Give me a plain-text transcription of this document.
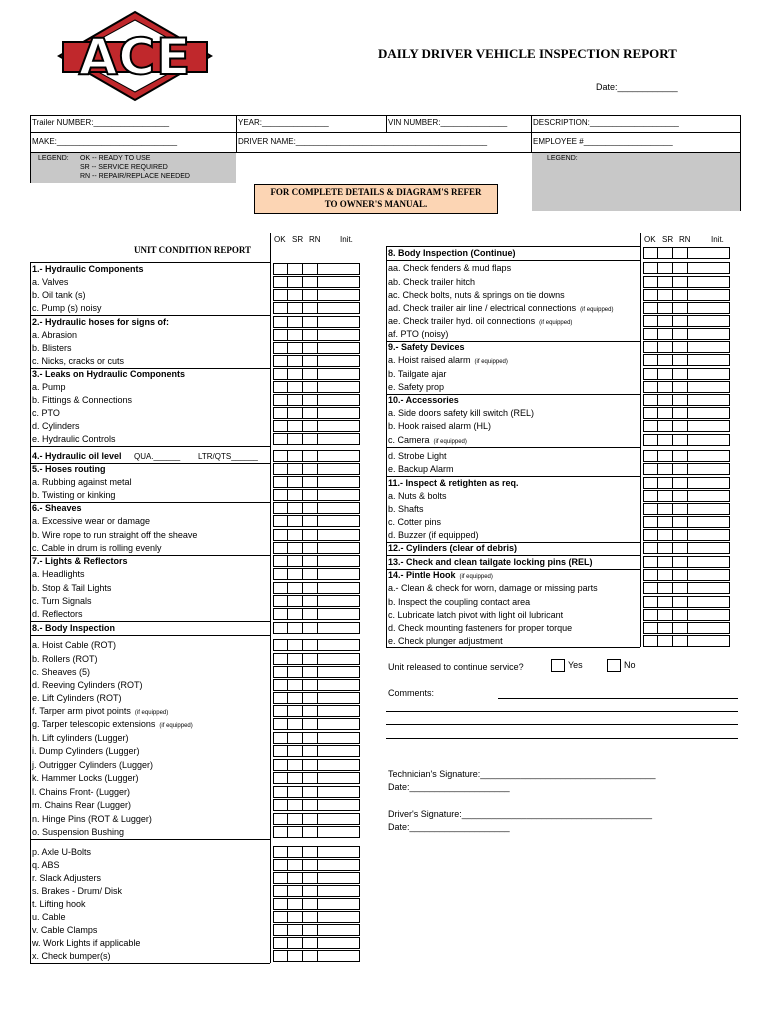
ACE	DAILY DRIVER VEHICLE INSPECTION REPORT
Date:____________
Trailer NUMBER:_________________	YEAR:_______________	VIN NUMBER:_______________	DESCRIPTION:____________________
MAKE:___________________________	DRIVER NAME:___________________________________________	EMPLOYEE #____________________
LEGEND: OK -- READY TO USE
SR -- SERVICE REQUIRED
RN -- REPAIR/REPLACE NEEDED
LEGEND:
FOR COMPLETE DETAILS & DIAGRAM'S REFER
TO OWNER'S MANUAL.
OK SR RN Init.
UNIT CONDITION REPORT
1.- Hydraulic Components
a. Valves
b. Oil tank (s)
c. Pump (s) noisy
2.- Hydraulic hoses for signs of:
a. Abrasion
b. Blisters
c. Nicks, cracks or cuts
3.- Leaks on Hydraulic Components
a. Pump
b. Fittings & Connections
c. PTO
d. Cylinders
e. Hydraulic Controls
4.- Hydraulic oil level QUA.______ LTR/QTS______
5.- Hoses routing
a. Rubbing against metal
b. Twisting or kinking
6.- Sheaves
a. Excessive wear or damage
b. Wire rope to run straight off the sheave
c. Cable in drum is rolling evenly
7.- Lights & Reflectors
a. Headlights
b. Stop & Tail Lights
c. Turn Signals
d. Reflectors
8.- Body Inspection
a. Hoist Cable (ROT)
b. Rollers (ROT)
c. Sheaves (5)
d. Reeving Cylinders (ROT)
e. Lift Cylinders (ROT)
f. Tarper arm pivot points (if equipped)
g. Tarper telescopic extensions (if equipped)
h. Lift cylinders (Lugger)
i. Dump Cylinders (Lugger)
j. Outrigger Cylinders (Lugger)
k. Hammer Locks (Lugger)
l. Chains Front- (Lugger)
m. Chains Rear (Lugger)
n. Hinge Pins (ROT & Lugger)
o. Suspension Bushing
p. Axle U-Bolts
q. ABS
r. Slack Adjusters
s. Brakes - Drum/ Disk
t. Lifting hook
u. Cable
v. Cable Clamps
w. Work Lights if applicable
x. Check bumper(s)
OK SR RN	Init.
8. Body Inspection (Continue)
aa. Check fenders & mud flaps
ab. Check trailer hitch
ac. Check bolts, nuts & springs on tie downs
ad. Check trailer air line / electrical connections (if equipped)
ae. Check trailer hyd. oil connections (if equipped)
af. PTO (noisy)
9.- Safety Devices
a. Hoist raised alarm (if equipped)
b. Tailgate ajar
e. Safety prop
10.- Accessories
a. Side doors safety kill switch (REL)
b. Hook raised alarm (HL)
c. Camera (if equipped)
d. Strobe Light
e. Backup Alarm
11.- Inspect & retighten as req.
a. Nuts & bolts
b. Shafts
c. Cotter pins
d. Buzzer (if equipped)
12.- Cylinders (clear of debris)
13.- Check and clean tailgate locking pins (REL)
14.- Pintle Hook (if equipped)
a.- Clean & check for worn, damage or missing parts
b. Inspect the coupling contact area
c. Lubricate latch pivot with light oil lubricant
d. Check mounting fasteners for proper torque
e. Check plunger adjustment
Unit released to continue service?	Yes	No
Comments:
Technician's Signature:___________________________________
Date:____________________
Driver's Signature:______________________________________
Date:____________________
